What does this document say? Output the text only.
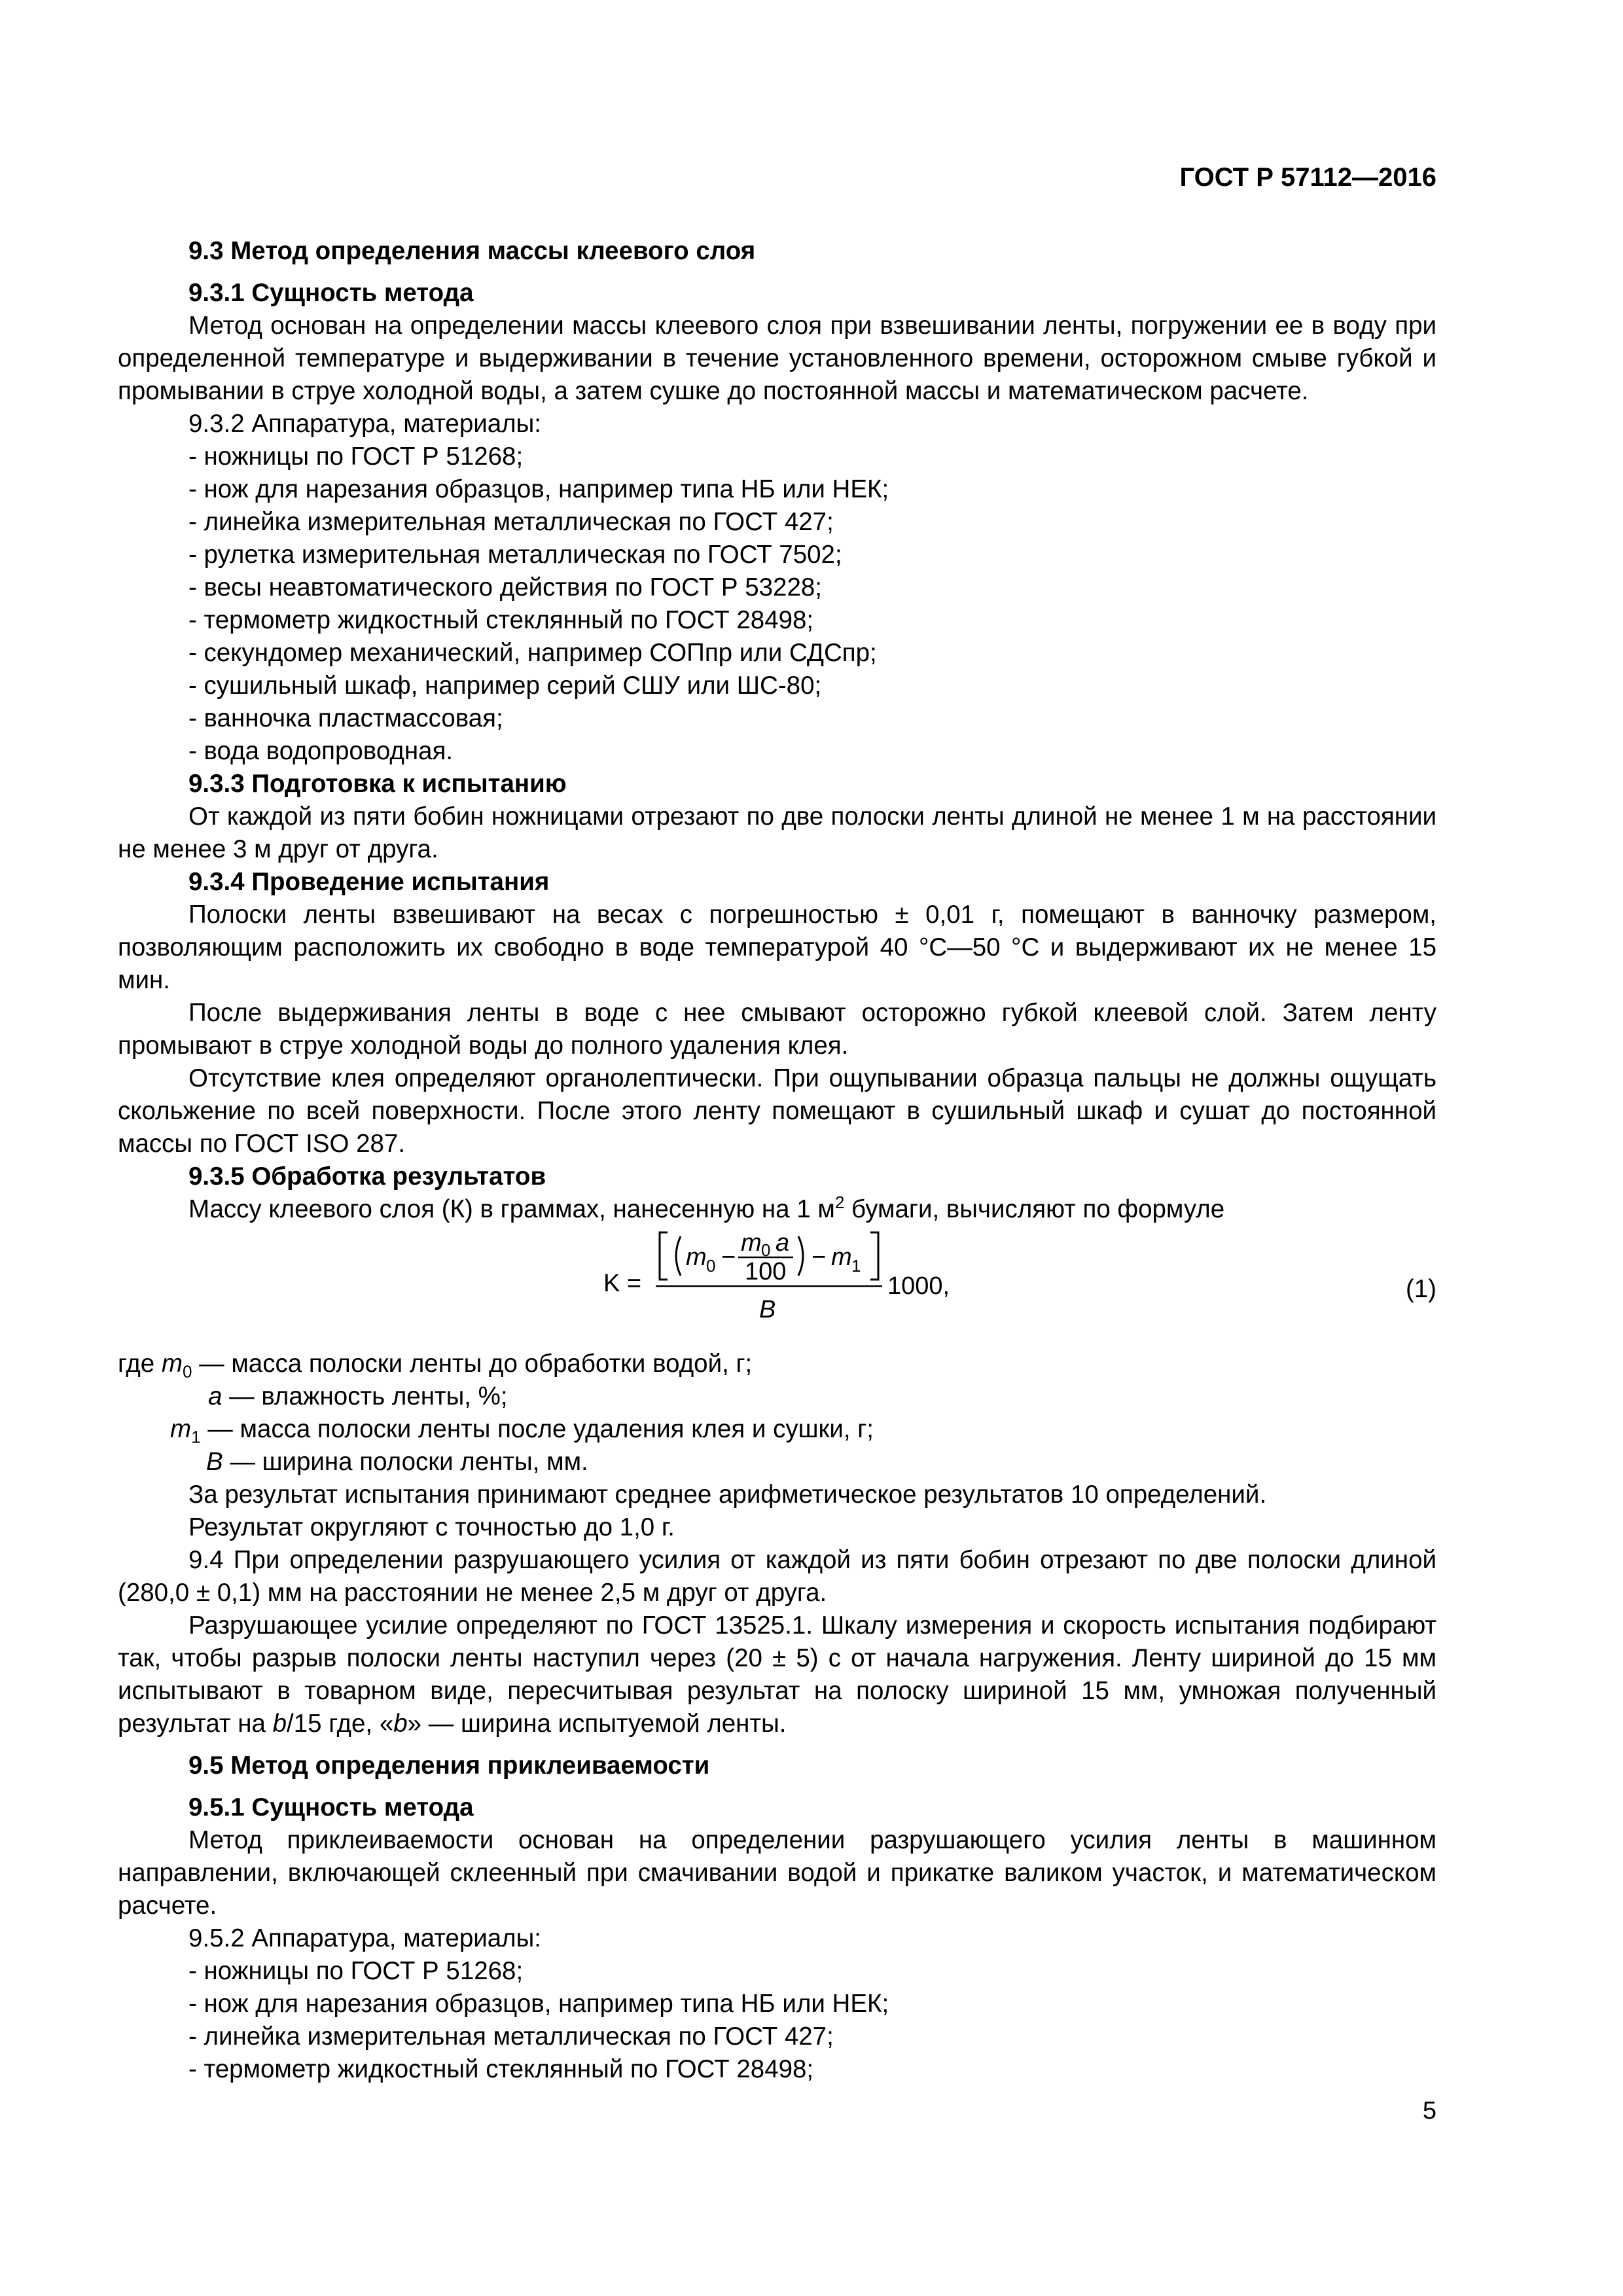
ГОСТ Р 57112—2016

9.3 Метод определения массы клеевого слоя

9.3.1 Сущность метода

Метод основан на определении массы клеевого слоя при взвешивании ленты, погружении ее в воду при определенной температуре и выдерживании в течение установленного времени, осторожном смыве губкой и промывании в струе холодной воды, а затем сушке до постоянной массы и математическом расчете.

9.3.2 Аппаратура, материалы:

- ножницы по ГОСТ Р 51268;

- нож для нарезания образцов, например типа НБ или НЕК;

- линейка измерительная металлическая по ГОСТ 427;

- рулетка измерительная металлическая по ГОСТ 7502;

- весы неавтоматического действия по ГОСТ Р 53228;

- термометр жидкостный стеклянный по ГОСТ 28498;

- секундомер механический, например СОПпр или СДСпр;

- сушильный шкаф, например серий СШУ или ШС-80;

- ванночка пластмассовая;

- вода водопроводная.

9.3.3 Подготовка к испытанию

От каждой из пяти бобин ножницами отрезают по две полоски ленты длиной не менее 1 м на расстоянии не менее 3 м друг от друга.

9.3.4 Проведение испытания

Полоски ленты взвешивают на весах с погрешностью ± 0,01 г, помещают в ванночку размером, позволяющим расположить их свободно в воде температурой 40 °С—50 °С и выдерживают их не менее 15 мин.

После выдерживания ленты в воде с нее смывают осторожно губкой клеевой слой. Затем ленту промывают в струе холодной воды до полного удаления клея.

Отсутствие клея определяют органолептически. При ощупывании образца пальцы не должны ощущать скольжение по всей поверхности. После этого ленту помещают в сушильный шкаф и сушат до постоянной массы по ГОСТ ISO 287.

9.3.5 Обработка результатов

Массу клеевого слоя (К) в граммах, нанесенную на 1 $м^2$ бумаги, вычисляют по формуле

K =
m 0 −
m 0 a
100
− m 1
B
1000,	(1)

где $m_0$ — масса полоски ленты до обработки водой, г;

a — влажность ленты, %;

$m_1$ — масса полоски ленты после удаления клея и сушки, г;

B — ширина полоски ленты, мм.

За результат испытания принимают среднее арифметическое результатов 10 определений.

Результат округляют с точностью до 1,0 г.

9.4 При определении разрушающего усилия от каждой из пяти бобин отрезают по две полоски длиной (280,0 ± 0,1) мм на расстоянии не менее 2,5 м друг от друга.

Разрушающее усилие определяют по ГОСТ 13525.1. Шкалу измерения и скорость испытания подбирают так, чтобы разрыв полоски ленты наступил через (20 ± 5) с от начала нагружения. Ленту шириной до 15 мм испытывают в товарном виде, пересчитывая результат на полоску шириной 15 мм, умножая полученный результат на b/15 где, «b» — ширина испытуемой ленты.

9.5 Метод определения приклеиваемости

9.5.1 Сущность метода

Метод приклеиваемости основан на определении разрушающего усилия ленты в машинном направлении, включающей склеенный при смачивании водой и прикатке валиком участок, и математическом расчете.

9.5.2 Аппаратура, материалы:

- ножницы по ГОСТ Р 51268;

- нож для нарезания образцов, например типа НБ или НЕК;

- линейка измерительная металлическая по ГОСТ 427;

- термометр жидкостный стеклянный по ГОСТ 28498;

5
